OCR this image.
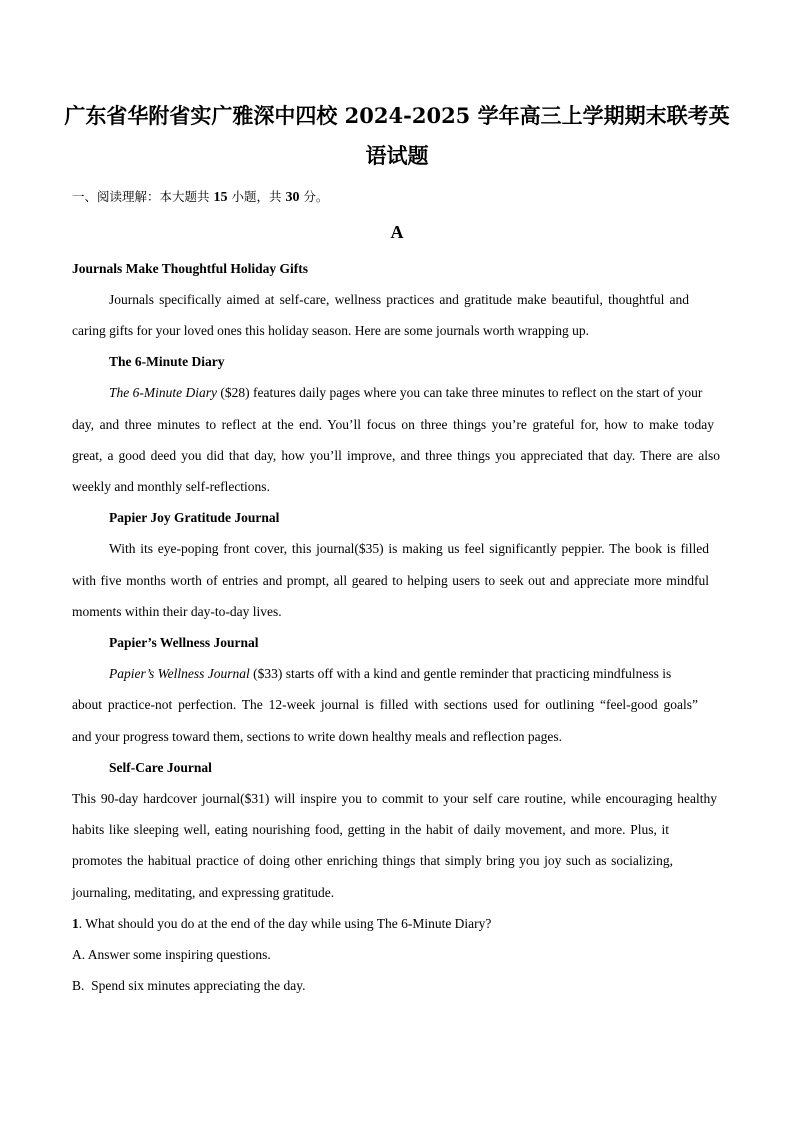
广东省华附省实广雅深中四校 2024-2025 学年高三上学期期末联考英
语试题
一、阅读理解：本大题共 15 小题，共 30 分。
A
Journals Make Thoughtful Holiday Gifts
Journals specifically aimed at self-care, wellness practices and gratitude make beautiful, thoughtful and
caring gifts for your loved ones this holiday season. Here are some journals worth wrapping up.
The 6-Minute Diary
The 6-Minute Diary ($28) features daily pages where you can take three minutes to reflect on the start of your
day, and three minutes to reflect at the end. You’ll focus on three things you’re grateful for, how to make today
great, a good deed you did that day, how you’ll improve, and three things you appreciated that day. There are also
weekly and monthly self-reflections.
Papier Joy Gratitude Journal
With its eye-poping front cover, this journal($35) is making us feel significantly peppier. The book is filled
with five months worth of entries and prompt, all geared to helping users to seek out and appreciate more mindful
moments within their day-to-day lives.
Papier’s Wellness Journal
Papier’s Wellness Journal ($33) starts off with a kind and gentle reminder that practicing mindfulness is
about practice-not perfection. The 12-week journal is filled with sections used for outlining “feel-good goals”
and your progress toward them, sections to write down healthy meals and reflection pages.
Self-Care Journal
This 90-day hardcover journal($31) will inspire you to commit to your self care routine, while encouraging healthy
habits like sleeping well, eating nourishing food, getting in the habit of daily movement, and more. Plus, it
promotes the habitual practice of doing other enriching things that simply bring you joy such as socializing,
journaling, meditating, and expressing gratitude.
1. What should you do at the end of the day while using The 6-Minute Diary?
A. Answer some inspiring questions.
B.  Spend six minutes appreciating the day.
